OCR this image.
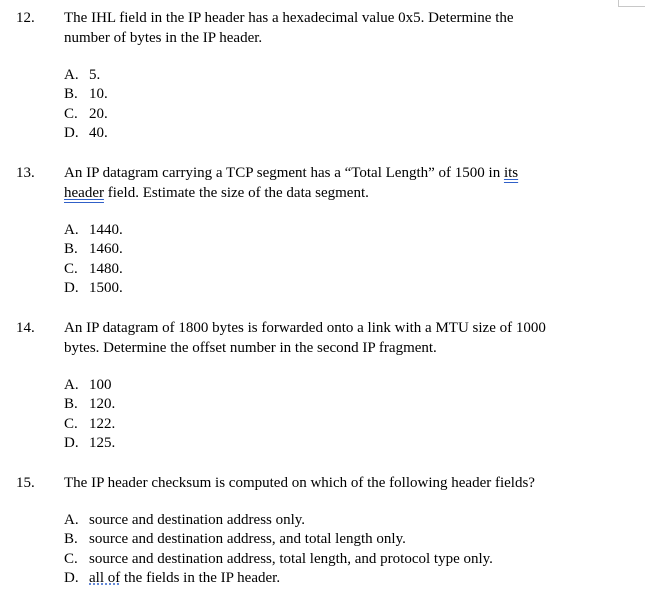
12. The IHL field in the IP header has a hexadecimal value 0x5. Determine the
number of bytes in the IP header.
A. 5.
B. 10.
C. 20.
D. 40.
13. An IP datagram carrying a TCP segment has a “Total Length” of 1500 in its
header field. Estimate the size of the data segment.
A. 1440.
B. 1460.
C. 1480.
D. 1500.
14. An IP datagram of 1800 bytes is forwarded onto a link with a MTU size of 1000
bytes. Determine the offset number in the second IP fragment.
A. 100
B. 120.
C. 122.
D. 125.
15. The IP header checksum is computed on which of the following header fields?
A. source and destination address only.
B. source and destination address, and total length only.
C. source and destination address, total length, and protocol type only.
D. all of the fields in the IP header.
